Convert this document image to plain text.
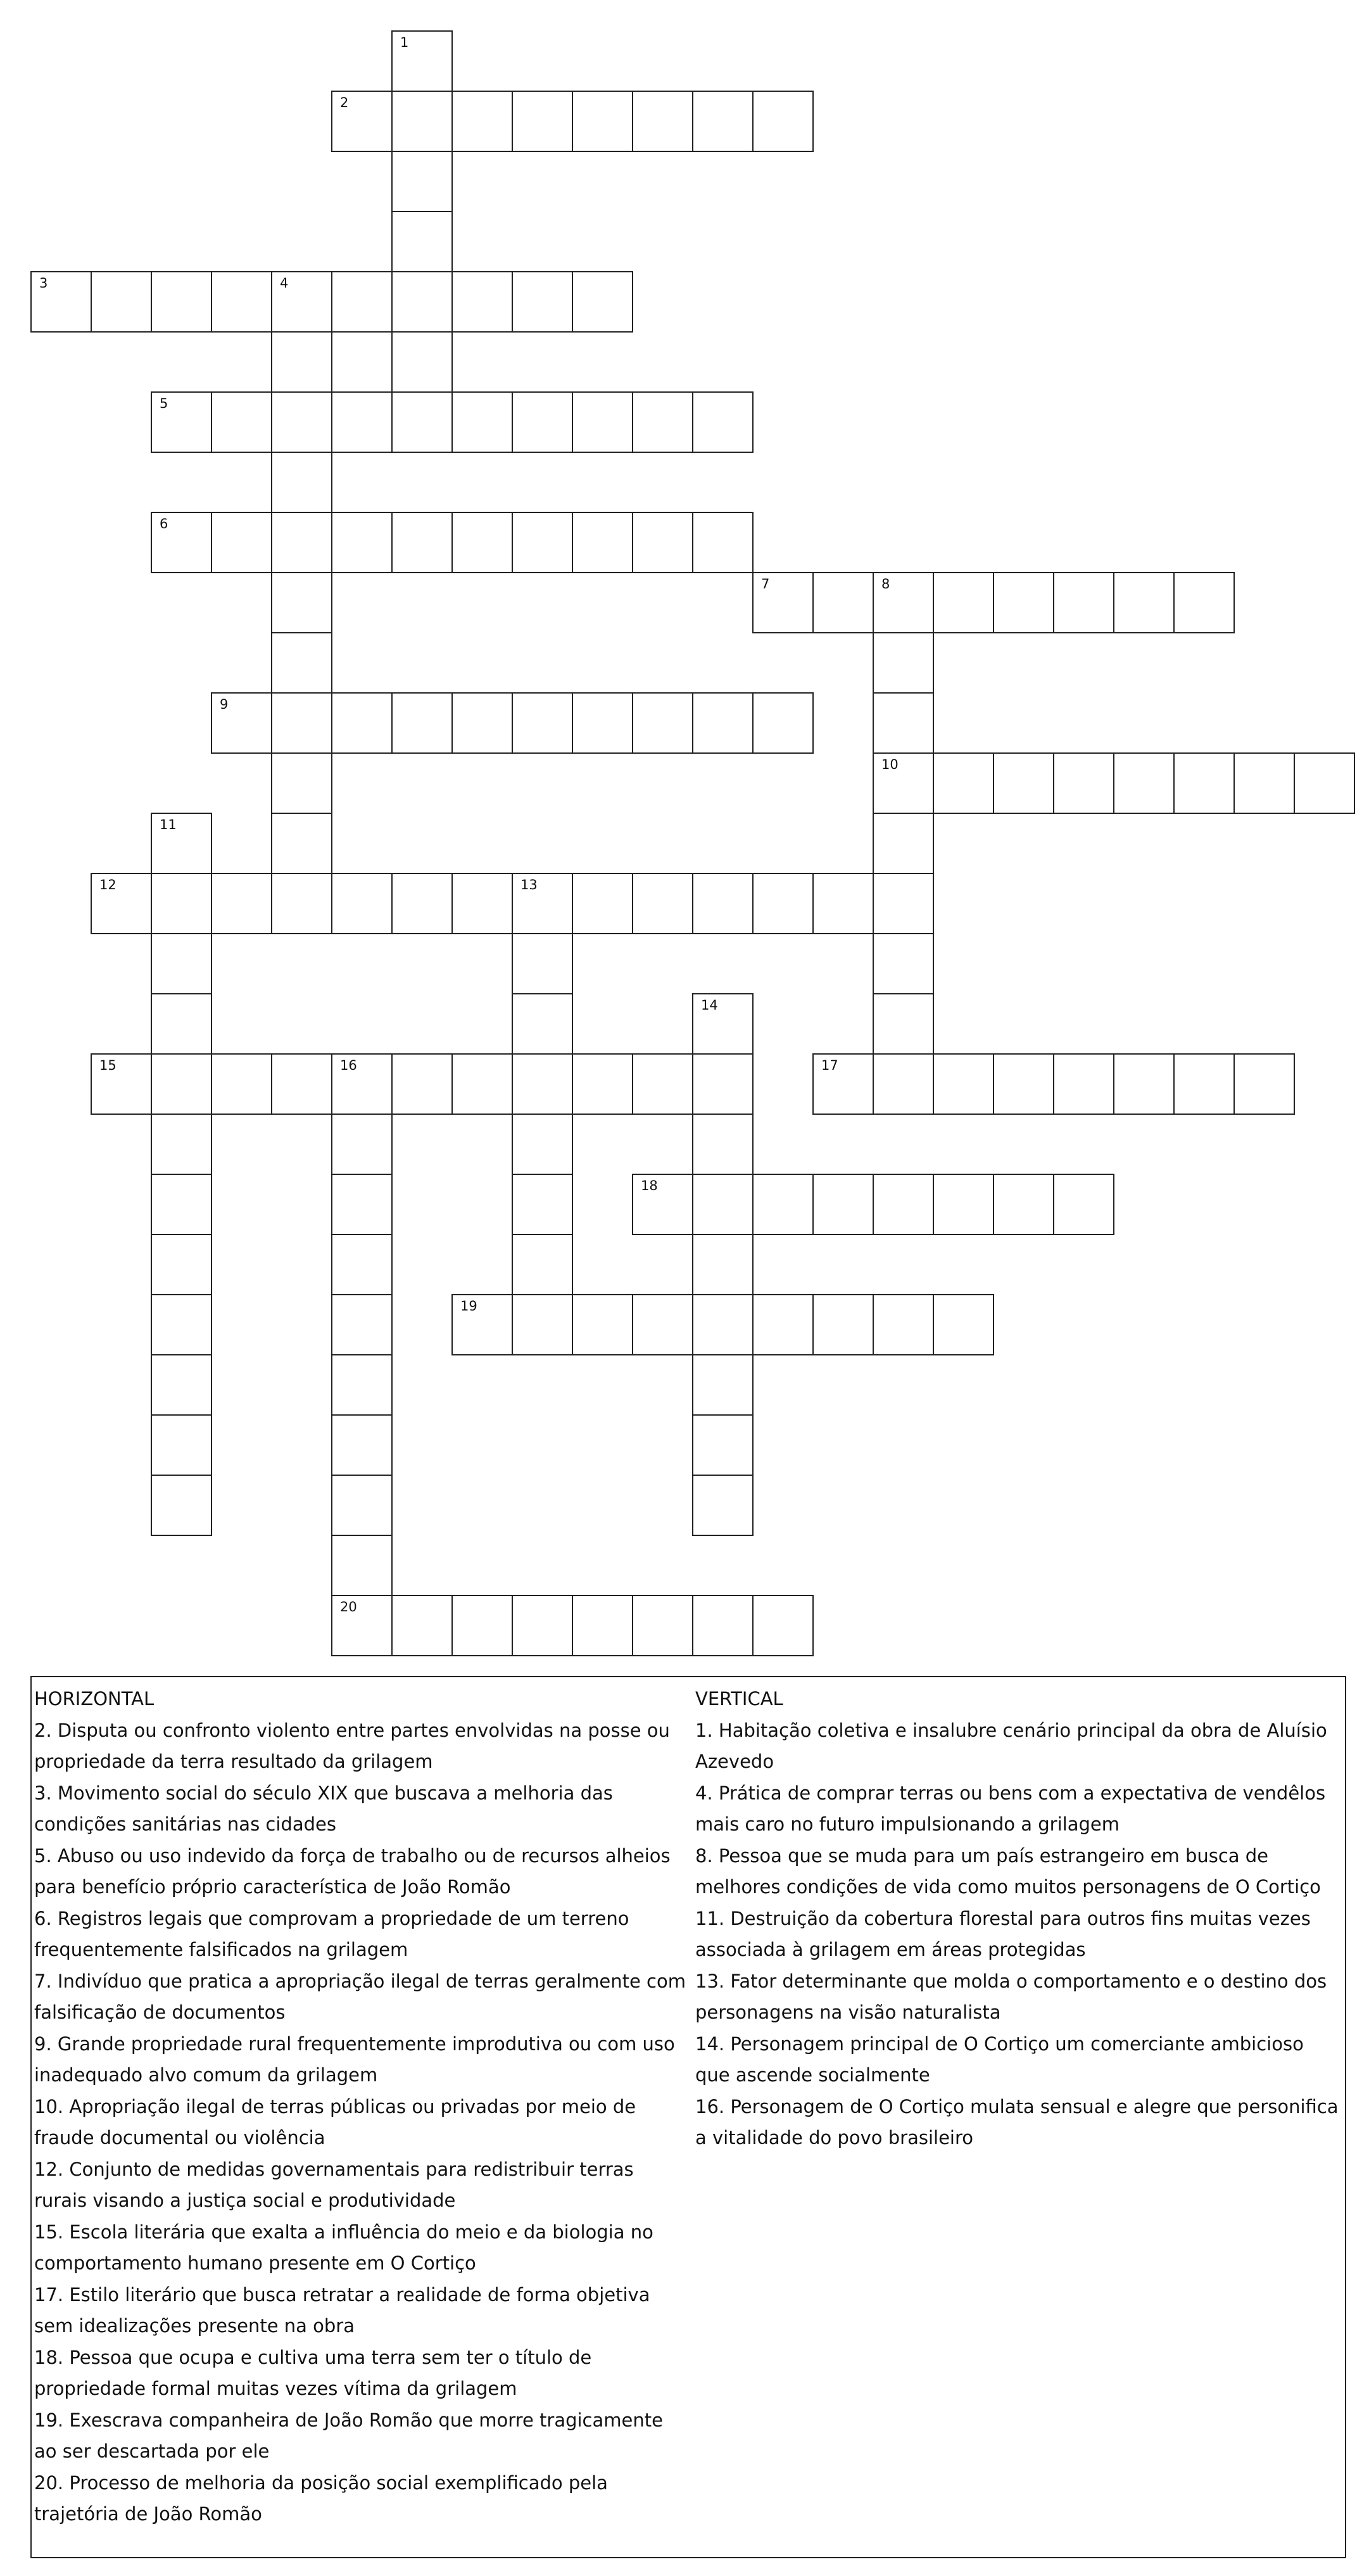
1
2
3	4
5
6
7	8
10
9
11
12	13
14
15	16
20
17
18
19
HORIZONTAL

2. Disputa ou confronto violento entre partes envolvidas na posse ou propriedade da terra resultado da grilagem

3. Movimento social do século XIX que buscava a melhoria das condições sanitárias nas cidades

5. Abuso ou uso indevido da força de trabalho ou de recursos alheios para benefício próprio característica de João Romão

6. Registros legais que comprovam a propriedade de um terreno frequentemente falsificados na grilagem

7. Indivíduo que pratica a apropriação ilegal de terras geralmente com falsificação de documentos

9. Grande propriedade rural frequentemente improdutiva ou com uso inadequado alvo comum da grilagem

10. Apropriação ilegal de terras públicas ou privadas por meio de fraude documental ou violência

12. Conjunto de medidas governamentais para redistribuir terras rurais visando a justiça social e produtividade

15. Escola literária que exalta a influência do meio e da biologia no comportamento humano presente em O Cortiço

17. Estilo literário que busca retratar a realidade de forma objetiva sem idealizações presente na obra

18. Pessoa que ocupa e cultiva uma terra sem ter o título de propriedade formal muitas vezes vítima da grilagem

19. Exescrava companheira de João Romão que morre tragicamente ao ser descartada por ele

20. Processo de melhoria da posição social exemplificado pela trajetória de João Romão

VERTICAL

1. Habitação coletiva e insalubre cenário principal da obra de Aluísio Azevedo

4. Prática de comprar terras ou bens com a expectativa de vendêlos mais caro no futuro impulsionando a grilagem

8. Pessoa que se muda para um país estrangeiro em busca de melhores condições de vida como muitos personagens de O Cortiço

11. Destruição da cobertura florestal para outros fins muitas vezes associada à grilagem em áreas protegidas

13. Fator determinante que molda o comportamento e o destino dos personagens na visão naturalista

14. Personagem principal de O Cortiço um comerciante ambicioso que ascende socialmente

16. Personagem de O Cortiço mulata sensual e alegre que personifica a vitalidade do povo brasileiro
